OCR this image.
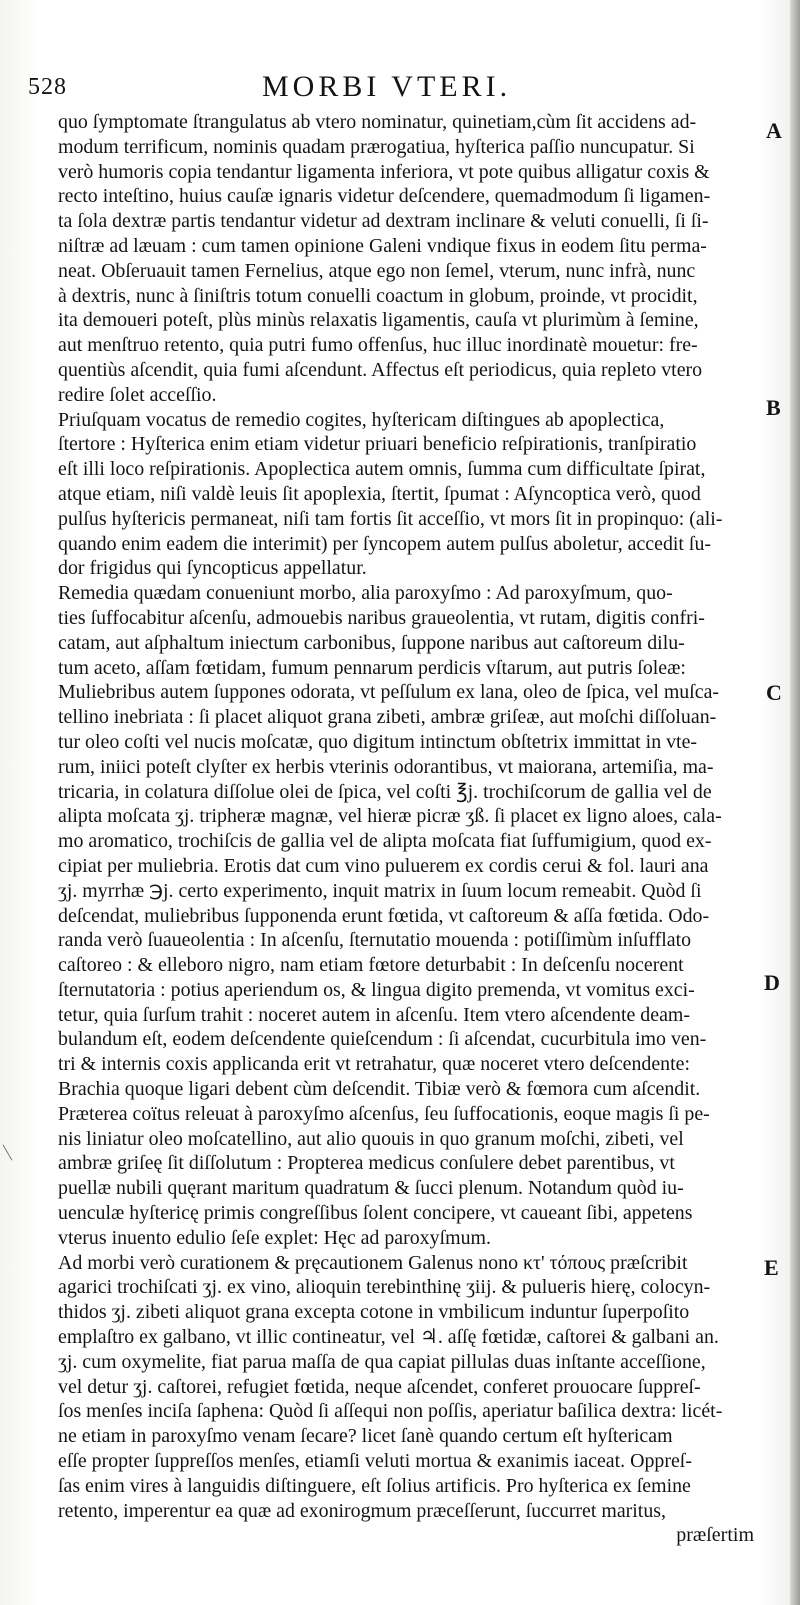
528	MORBI VTERI.
quo ſymptomate ſtrangulatus ab vtero nominatur, quinetiam,cùm ſit accidens ad-
modum terrificum, nominis quadam prærogatiua, hyſterica paſſio nuncupatur. Si
verò humoris copia tendantur ligamenta inferiora, vt pote quibus alligatur coxis &
recto inteſtino, huius cauſæ ignaris videtur deſcendere, quemadmodum ſi ligamen-
ta ſola dextræ partis tendantur videtur ad dextram inclinare & veluti conuelli, ſi ſi-
niſtræ ad læuam : cum tamen opinione Galeni vndique fixus in eodem ſitu perma-
neat. Obſeruauit tamen Fernelius, atque ego non ſemel, vterum, nunc infrà, nunc
à dextris, nunc à ſiniſtris totum conuelli coactum in globum, proinde, vt procidit,
ita demoueri poteſt, plùs minùs relaxatis ligamentis, cauſa vt plurimùm à ſemine,
aut menſtruo retento, quia putri fumo offenſus, huc illuc inordinatè mouetur: fre-
quentiùs aſcendit, quia fumi aſcendunt. Affectus eſt periodicus, quia repleto vtero
redire ſolet acceſſio.
Priuſquam vocatus de remedio cogites, hyſtericam diſtingues ab apoplectica,
ſtertore : Hyſterica enim etiam videtur priuari beneficio reſpirationis, tranſpiratio
eſt illi loco reſpirationis. Apoplectica autem omnis, ſumma cum difficultate ſpirat,
atque etiam, niſi valdè leuis ſit apoplexia, ſtertit, ſpumat : Aſyncoptica verò, quod
pulſus hyſtericis permaneat, niſi tam fortis ſit acceſſio, vt mors ſit in propinquo: (ali-
quando enim eadem die interimit) per ſyncopem autem pulſus aboletur, accedit ſu-
dor frigidus qui ſyncopticus appellatur.
Remedia quædam conueniunt morbo, alia paroxyſmo : Ad paroxyſmum, quo-
ties ſuffocabitur aſcenſu, admouebis naribus graueolentia, vt rutam, digitis confri-
catam, aut aſphaltum iniectum carbonibus, ſuppone naribus aut caſtoreum dilu-
tum aceto, aſſam fœtidam, fumum pennarum perdicis vſtarum, aut putris ſoleæ:
Muliebribus autem ſuppones odorata, vt peſſulum ex lana, oleo de ſpica, vel muſca-
tellino inebriata : ſi placet aliquot grana zibeti, ambræ griſeæ, aut moſchi diſſoluan-
tur oleo coſti vel nucis moſcatæ, quo digitum intinctum obſtetrix immittat in vte-
rum, iniici poteſt clyſter ex herbis vterinis odorantibus, vt maiorana, artemiſia, ma-
tricaria, in colatura diſſolue olei de ſpica, vel coſti ℥j. trochiſcorum de gallia vel de
alipta moſcata ʒj. tripheræ magnæ, vel hieræ picræ ʒß. ſi placet ex ligno aloes, cala-
mo aromatico, trochiſcis de gallia vel de alipta moſcata fiat ſuffumigium, quod ex-
cipiat per muliebria. Erotis dat cum vino puluerem ex cordis cerui & fol. lauri ana
ʒj. myrrhæ ℈j. certo experimento, inquit matrix in ſuum locum remeabit. Quòd ſi
deſcendat, muliebribus ſupponenda erunt fœtida, vt caſtoreum & aſſa fœtida. Odo-
randa verò ſuaueolentia : In aſcenſu, ſternutatio mouenda : potiſſimùm inſufflato
caſtoreo : & elleboro nigro, nam etiam fœtore deturbabit : In deſcenſu nocerent
ſternutatoria : potius aperiendum os, & lingua digito premenda, vt vomitus exci-
tetur, quia ſurſum trahit : noceret autem in aſcenſu. Item vtero aſcendente deam-
bulandum eſt, eodem deſcendente quieſcendum : ſi aſcendat, cucurbitula imo ven-
tri & internis coxis applicanda erit vt retrahatur, quæ noceret vtero deſcendente:
Brachia quoque ligari debent cùm deſcendit. Tibiæ verò & fœmora cum aſcendit.
Præterea coïtus releuat à paroxyſmo aſcenſus, ſeu ſuffocationis, eoque magis ſi pe-
nis liniatur oleo moſcatellino, aut alio quouis in quo granum moſchi, zibeti, vel
ambræ griſeę ſit diſſolutum : Propterea medicus conſulere debet parentibus, vt
puellæ nubili quęrant maritum quadratum & ſucci plenum. Notandum quòd iu-
uenculæ hyſtericę primis congreſſibus ſolent concipere, vt caueant ſibi, appetens
vterus inuento edulio ſeſe explet: Hęc ad paroxyſmum.
Ad morbi verò curationem & pręcautionem Galenus nono κτ' τόπους præſcribit
agarici trochiſcati ʒj. ex vino, alioquin terebinthinę ʒiij. & pulueris hierę, colocyn-
thidos ʒj. zibeti aliquot grana excepta cotone in vmbilicum induntur ſuperpoſito
emplaſtro ex galbano, vt illic contineatur, vel ♃. aſſę fœtidæ, caſtorei & galbani an.
ʒj. cum oxymelite, fiat parua maſſa de qua capiat pillulas duas inſtante acceſſione,
vel detur ʒj. caſtorei, refugiet fœtida, neque aſcendet, conferet prouocare ſuppreſ-
ſos menſes inciſa ſaphena: Quòd ſi aſſequi non poſſis, aperiatur baſilica dextra: licét-
ne etiam in paroxyſmo venam ſecare? licet ſanè quando certum eſt hyſtericam
eſſe propter ſuppreſſos menſes, etiamſi veluti mortua & exanimis iaceat. Oppreſ-
ſas enim vires à languidis diſtinguere, eſt ſolius artificis. Pro hyſterica ex ſemine
retento, imperentur ea quæ ad exonirogmum præceſſerunt, ſuccurret maritus,
præſertim
A
B
C
D
E
